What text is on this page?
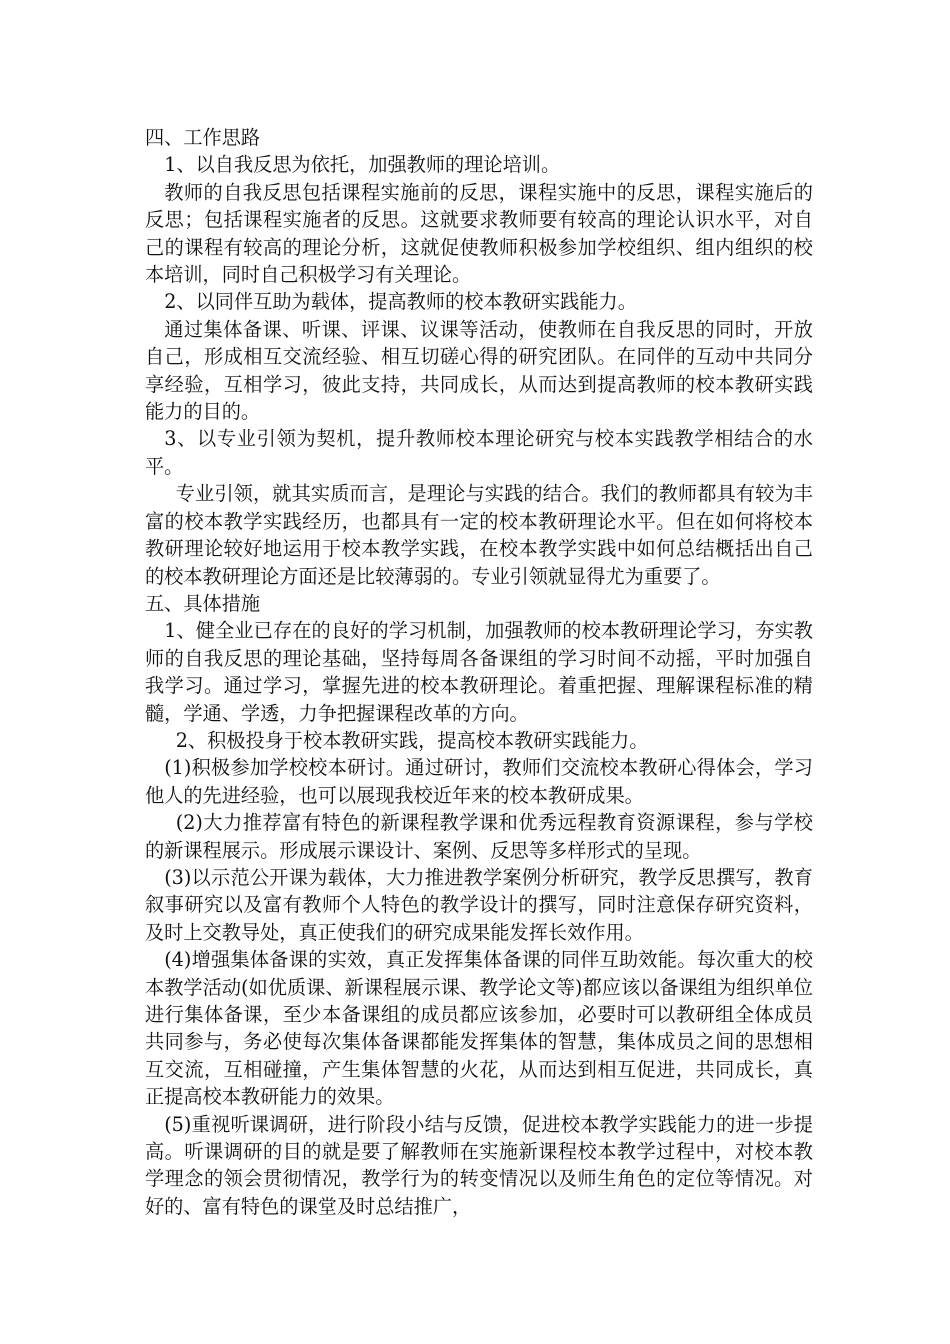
四、工作思路

1、以自我反思为依托，加强教师的理论培训。

教师的自我反思包括课程实施前的反思，课程实施中的反思，课程实施后的反思；包括课程实施者的反思。这就要求教师要有较高的理论认识水平，对自己的课程有较高的理论分析，这就促使教师积极参加学校组织、组内组织的校本培训，同时自己积极学习有关理论。

2、以同伴互助为载体，提高教师的校本教研实践能力。

通过集体备课、听课、评课、议课等活动，使教师在自我反思的同时，开放自己，形成相互交流经验、相互切磋心得的研究团队。在同伴的互动中共同分享经验，互相学习，彼此支持，共同成长，从而达到提高教师的校本教研实践能力的目的。

3、以专业引领为契机，提升教师校本理论研究与校本实践教学相结合的水平。

专业引领，就其实质而言，是理论与实践的结合。我们的教师都具有较为丰富的校本教学实践经历，也都具有一定的校本教研理论水平。但在如何将校本教研理论较好地运用于校本教学实践，在校本教学实践中如何总结概括出自己的校本教研理论方面还是比较薄弱的。专业引领就显得尤为重要了。

五、具体措施

1、健全业已存在的良好的学习机制，加强教师的校本教研理论学习，夯实教师的自我反思的理论基础，坚持每周各备课组的学习时间不动摇，平时加强自我学习。通过学习，掌握先进的校本教研理论。着重把握、理解课程标准的精髓，学通、学透，力争把握课程改革的方向。

2、积极投身于校本教研实践，提高校本教研实践能力。

(1)积极参加学校校本研讨。通过研讨，教师们交流校本教研心得体会，学习他人的先进经验，也可以展现我校近年来的校本教研成果。

(2)大力推荐富有特色的新课程教学课和优秀远程教育资源课程，参与学校的新课程展示。形成展示课设计、案例、反思等多样形式的呈现。

(3)以示范公开课为载体，大力推进教学案例分析研究，教学反思撰写，教育叙事研究以及富有教师个人特色的教学设计的撰写，同时注意保存研究资料，及时上交教导处，真正使我们的研究成果能发挥长效作用。

(4)增强集体备课的实效，真正发挥集体备课的同伴互助效能。每次重大的校本教学活动(如优质课、新课程展示课、教学论文等)都应该以备课组为组织单位进行集体备课，至少本备课组的成员都应该参加，必要时可以教研组全体成员共同参与，务必使每次集体备课都能发挥集体的智慧，集体成员之间的思想相互交流，互相碰撞，产生集体智慧的火花，从而达到相互促进，共同成长，真正提高校本教研能力的效果。

(5)重视听课调研，进行阶段小结与反馈，促进校本教学实践能力的进一步提高。听课调研的目的就是要了解教师在实施新课程校本教学过程中，对校本教学理念的领会贯彻情况，教学行为的转变情况以及师生角色的定位等情况。对好的、富有特色的课堂及时总结推广，
